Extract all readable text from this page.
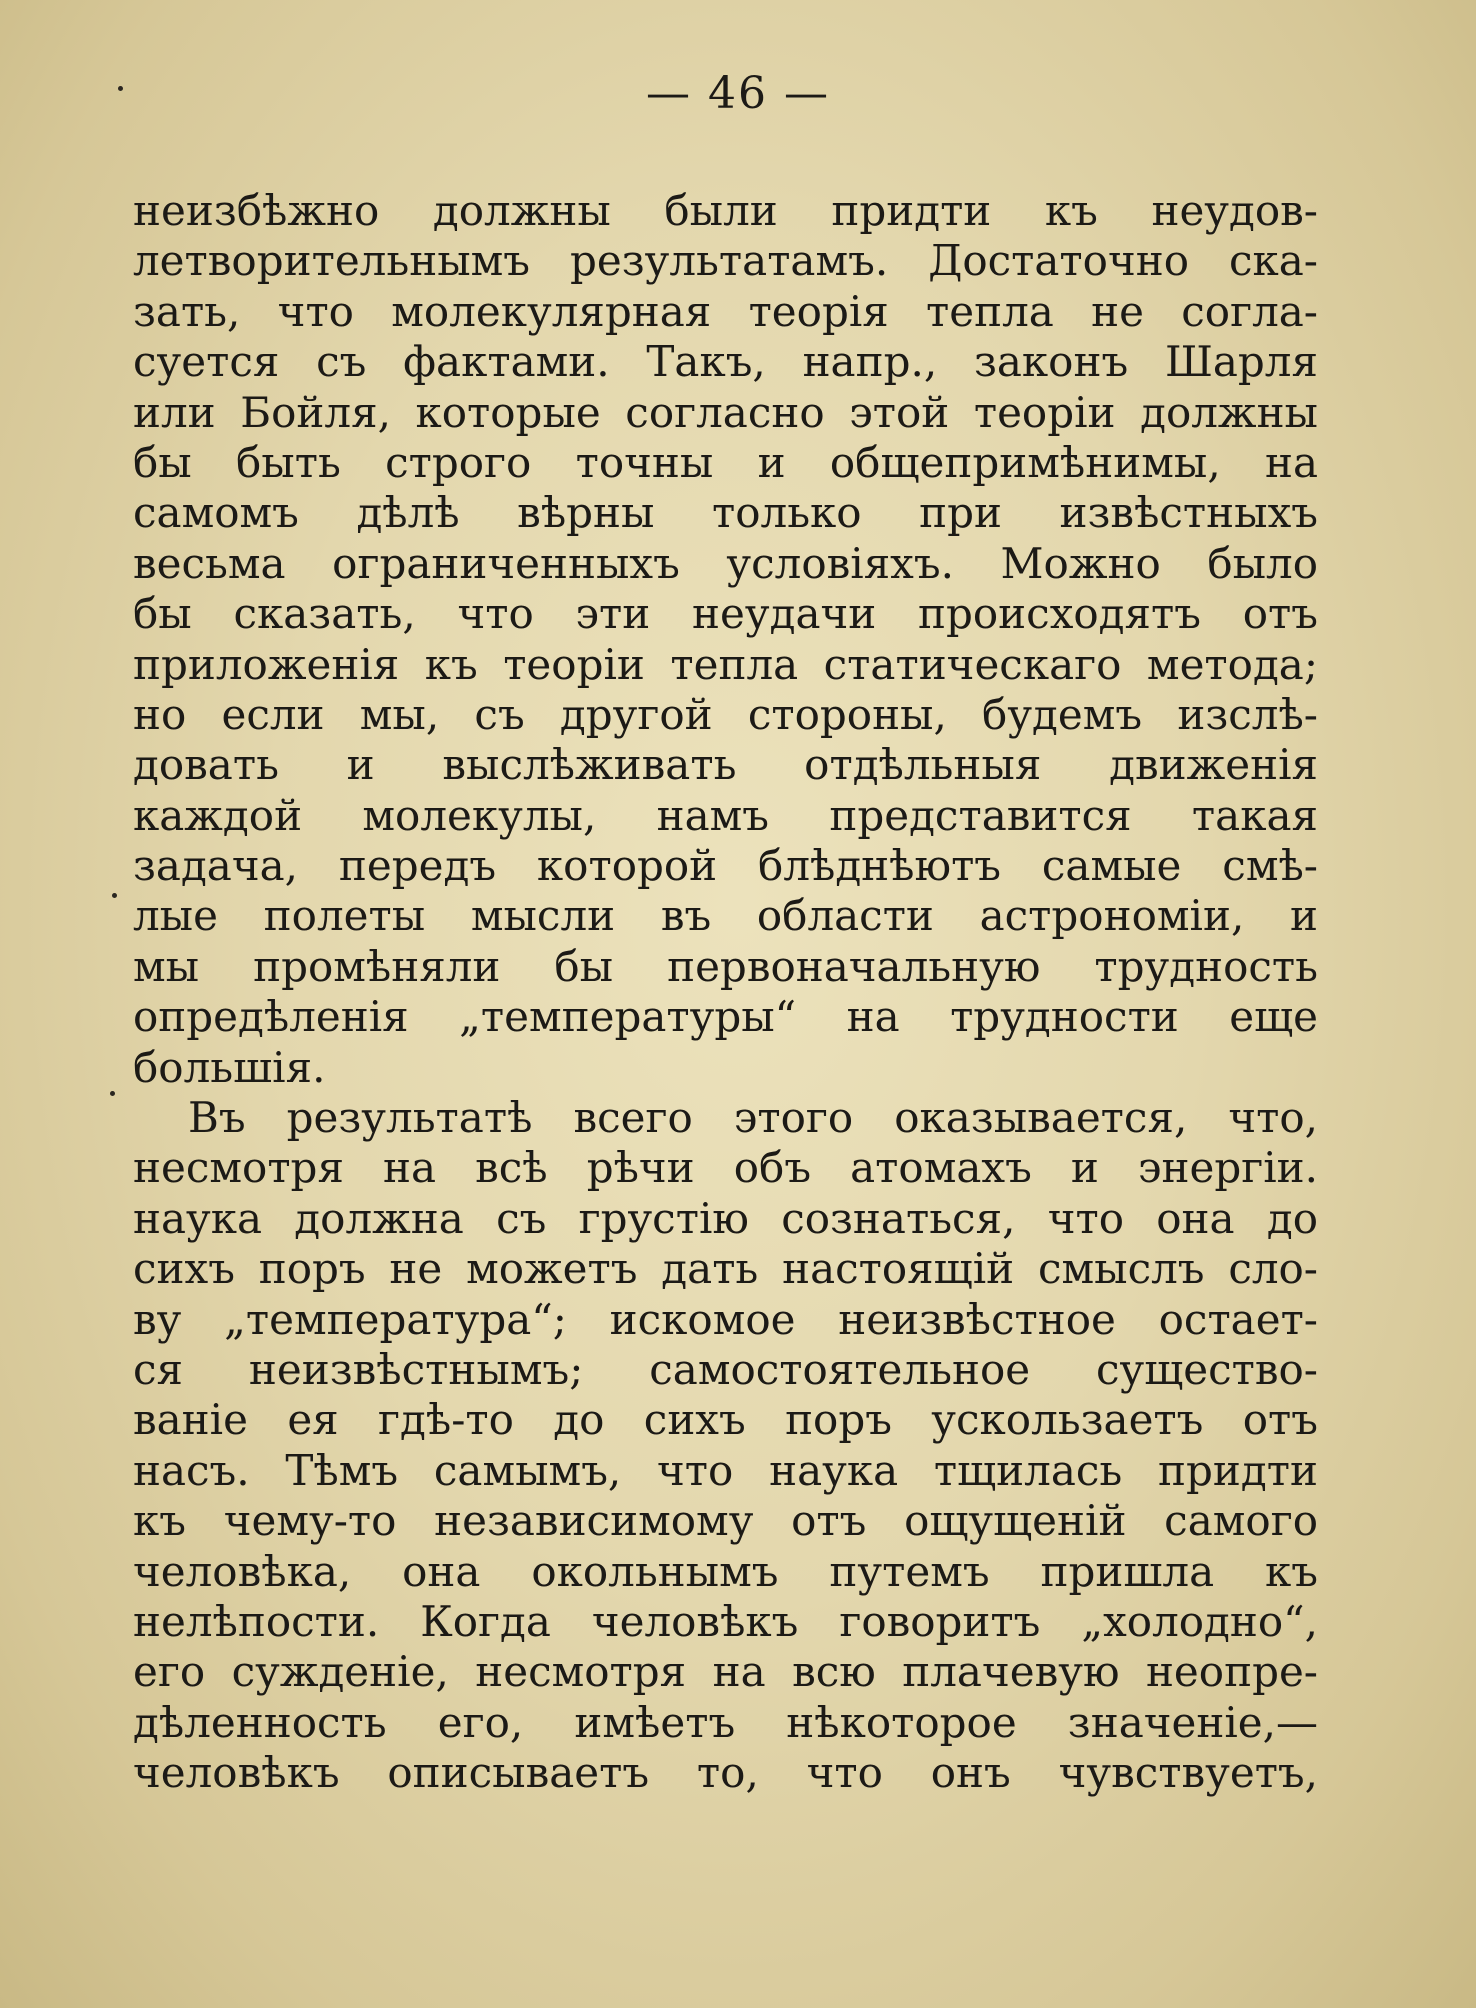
— 46 —
неизбѣжно должны были придти къ неудов-
летворительнымъ результатамъ. Достаточно ска-
зать, что молекулярная теорія тепла не согла-
суется съ фактами. Такъ, напр., законъ Шарля
или Бойля, которые согласно этой теоріи должны
бы быть строго точны и общепримѣнимы, на
самомъ дѣлѣ вѣрны только при извѣстныхъ
весьма ограниченныхъ условіяхъ. Можно было
бы сказать, что эти неудачи происходятъ отъ
приложенія къ теоріи тепла статическаго метода;
но если мы, съ другой стороны, будемъ изслѣ-
довать и выслѣживать отдѣльныя движенія
каждой молекулы, намъ представится такая
задача, передъ которой блѣднѣютъ самые смѣ-
лые полеты мысли въ области астрономіи, и
мы промѣняли бы первоначальную трудность
опредѣленія „температуры“ на трудности еще
большія.
Въ результатѣ всего этого оказывается, что,
несмотря на всѣ рѣчи объ атомахъ и энергіи.
наука должна съ грустію сознаться, что она до
сихъ поръ не можетъ дать настоящій смыслъ сло-
ву „температура“; искомое неизвѣстное остает-
ся неизвѣстнымъ; самостоятельное существо-
ваніе ея гдѣ-то до сихъ поръ ускользаетъ отъ
насъ. Тѣмъ самымъ, что наука тщилась придти
къ чему-то независимому отъ ощущеній самого
человѣка, она окольнымъ путемъ пришла къ
нелѣпости. Когда человѣкъ говоритъ „холодно“,
его сужденіе, несмотря на всю плачевую неопре-
дѣленность его, имѣетъ нѣкоторое значеніе,—
человѣкъ описываетъ то, что онъ чувствуетъ,
